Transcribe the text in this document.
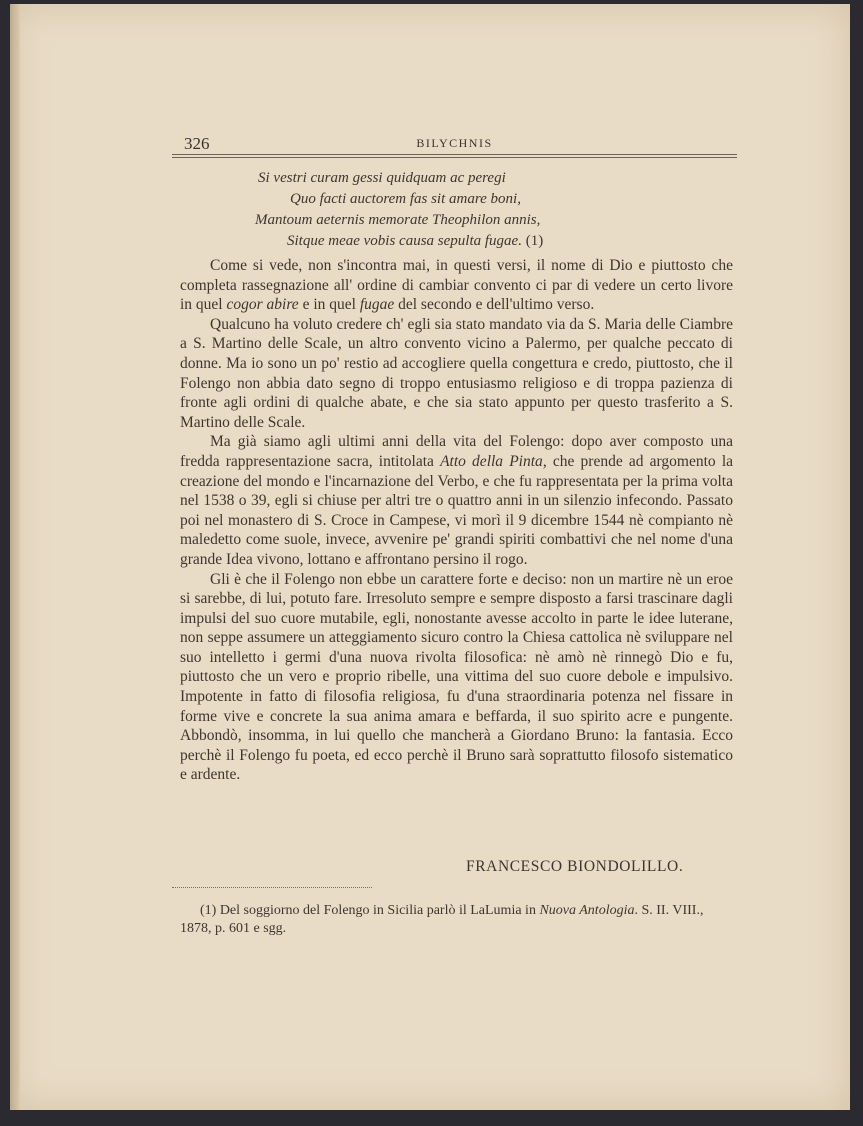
326	BILYCHNIS
Si vestri curam gessi quidquam ac peregi
Quo facti auctorem fas sit amare boni,
Mantoum aeternis memorate Theophilon annis,
Sitque meae vobis causa sepulta fugae. (1)

Come si vede, non s'incontra mai, in questi versi, il nome di Dio e piuttosto che completa rassegnazione all' ordine di cambiar convento ci par di vedere un certo livore in quel cogor abire e in quel fugae del secondo e dell'ultimo verso.

Qualcuno ha voluto credere ch' egli sia stato mandato via da S. Maria delle Ciambre a S. Martino delle Scale, un altro convento vicino a Palermo, per qualche peccato di donne. Ma io sono un po' restio ad accogliere quella congettura e credo, piuttosto, che il Folengo non abbia dato segno di troppo entusiasmo religioso e di troppa pazienza di fronte agli ordini di qualche abate, e che sia stato appunto per questo trasferito a S. Martino delle Scale.

Ma già siamo agli ultimi anni della vita del Folengo: dopo aver composto una fredda rappresentazione sacra, intitolata Atto della Pinta, che prende ad argomento la creazione del mondo e l'incarnazione del Verbo, e che fu rappresentata per la prima volta nel 1538 o 39, egli si chiuse per altri tre o quattro anni in un silenzio infecondo. Passato poi nel monastero di S. Croce in Campese, vi morì il 9 dicembre 1544 nè compianto nè maledetto come suole, invece, avvenire pe' grandi spiriti combattivi che nel nome d'una grande Idea vivono, lottano e affrontano persino il rogo.

Gli è che il Folengo non ebbe un carattere forte e deciso: non un martire nè un eroe si sarebbe, di lui, potuto fare. Irresoluto sempre e sempre disposto a farsi trascinare dagli impulsi del suo cuore mutabile, egli, nonostante avesse accolto in parte le idee luterane, non seppe assumere un atteggiamento sicuro contro la Chiesa cattolica nè sviluppare nel suo intelletto i germi d'una nuova rivolta filosofica: nè amò nè rinnegò Dio e fu, piuttosto che un vero e proprio ribelle, una vittima del suo cuore debole e impulsivo. Impotente in fatto di filosofia religiosa, fu d'una straordinaria potenza nel fissare in forme vive e concrete la sua anima amara e beffarda, il suo spirito acre e pungente. Abbondò, insomma, in lui quello che mancherà a Giordano Bruno: la fantasia. Ecco perchè il Folengo fu poeta, ed ecco perchè il Bruno sarà soprattutto filosofo sistematico e ardente.

FRANCESCO BIONDOLILLO.
(1) Del soggiorno del Folengo in Sicilia parlò il LaLumia in Nuova Antologia. S. II. VIII., 1878, p. 601 e sgg.
